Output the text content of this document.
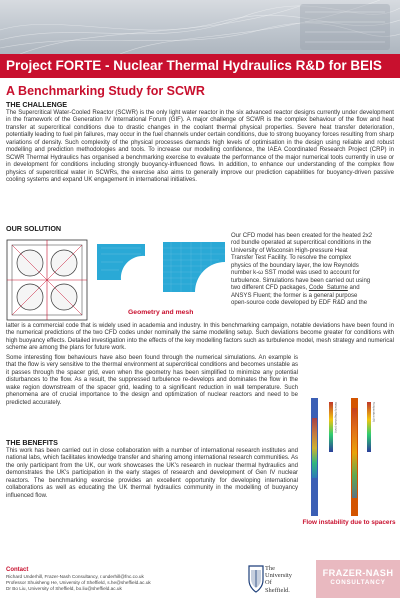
Project FORTE - Nuclear Thermal Hydraulics R&D for BEIS
A Benchmarking Study for SCWR
THE CHALLENGE
The Supercritical Water-Cooled Reactor (SCWR) is the only light water reactor in the six advanced reactor designs currently under development in the framework of the Generation IV International Forum (GIF). A major challenge of SCWR is the complex behaviour of the flow and heat transfer at supercritical conditions due to drastic changes in the coolant thermal physical properties. Severe heat transfer deterioration, potentially leading to fuel pin failures, may occur in the fuel channels under certain conditions, due to strong buoyancy forces resulting from sharp variations of density. Such complexity of the physical processes demands high levels of optimisation in the design using reliable and robust modelling and prediction methodologies and tools. To increase our modelling confidence, the IAEA Coordinated Research Project (CRP) in SCWR Thermal Hydraulics has organised a benchmarking exercise to evaluate the performance of the major numerical tools currently in use or in development for conditions including strongly buoyancy-influenced flows. In addition, to enhance our understanding of the complex flow physics of supercritical water in SCWRs, the exercise also aims to generally improve our prediction capabilities for buoyancy-driven passive cooling systems and expand UK engagement in international initiatives.
OUR SOLUTION
Geometry and mesh
Our CFD model has been created for the heated 2x2
rod bundle operated at supercritical conditions in the
University of Wisconsin High-pressure Heat
Transfer Test Facility. To resolve the complex
physics of the boundary layer, the low Reynolds
number k-ω SST model was used to account for
turbulence. Simulations have been carried out using
two different CFD packages, Code_Saturne and
ANSYS Fluent; the former is a general purpose
open-source code developed by EDF R&D and the
latter is a commercial code that is widely used in academia and industry. In this benchmarking campaign, notable deviations have been found in the numerical predictions of the two CFD codes under nominally the same modelling setup. Such deviations become greater for conditions with high buoyancy effects. Detailed investigation into the effects of the key modelling factors such as turbulence model, mesh strategy and numerical scheme are among the plans for future work.
Some interesting flow behaviours have also been found through the numerical simulations. An example is that the flow is very sensitive to the thermal environment at supercritical conditions and becomes unstable as it passes through the spacer grid, even when the geometry has been simplified to minimize any potential disturbances to the flow. As a result, the suppressed turbulence re-develops and dominates the flow in the wake region downstream of the spacer grid, leading to a significant reduction in wall temperature. Such phenomena are of crucial importance to the design and optimization of nuclear reactors and need to be predicted accurately.
THE BENEFITS
This work has been carried out in close collaboration with a number of international research institutes and national labs, which facilitates knowledge transfer and sharing among international research communities. As the only participant from the UK, our work showcases the UK's research in nuclear thermal hydraulics and demonstrates the UK's participation in the early stages of research and development of Gen IV nuclear reactors. The benchmarking exercise provides an excellent opportunity for developing international collaborations as well as educating the UK thermal hydraulics community in the modelling of buoyancy influenced flow.
Velocity Magnitude (m/s)	Temperature (K)
Flow instability due to spacers
Contact
Richard Underhill, Frazer-Nash Consultancy, r.underhill@fnc.co.uk
Professor Shuisheng He, University of Sheffield, s.he@sheffield.ac.uk
Dr Bo Liu, University of Sheffield, bo.liu@sheffield.ac.uk
The
University
Of
Sheffield.
FRAZER-NASH
CONSULTANCY
